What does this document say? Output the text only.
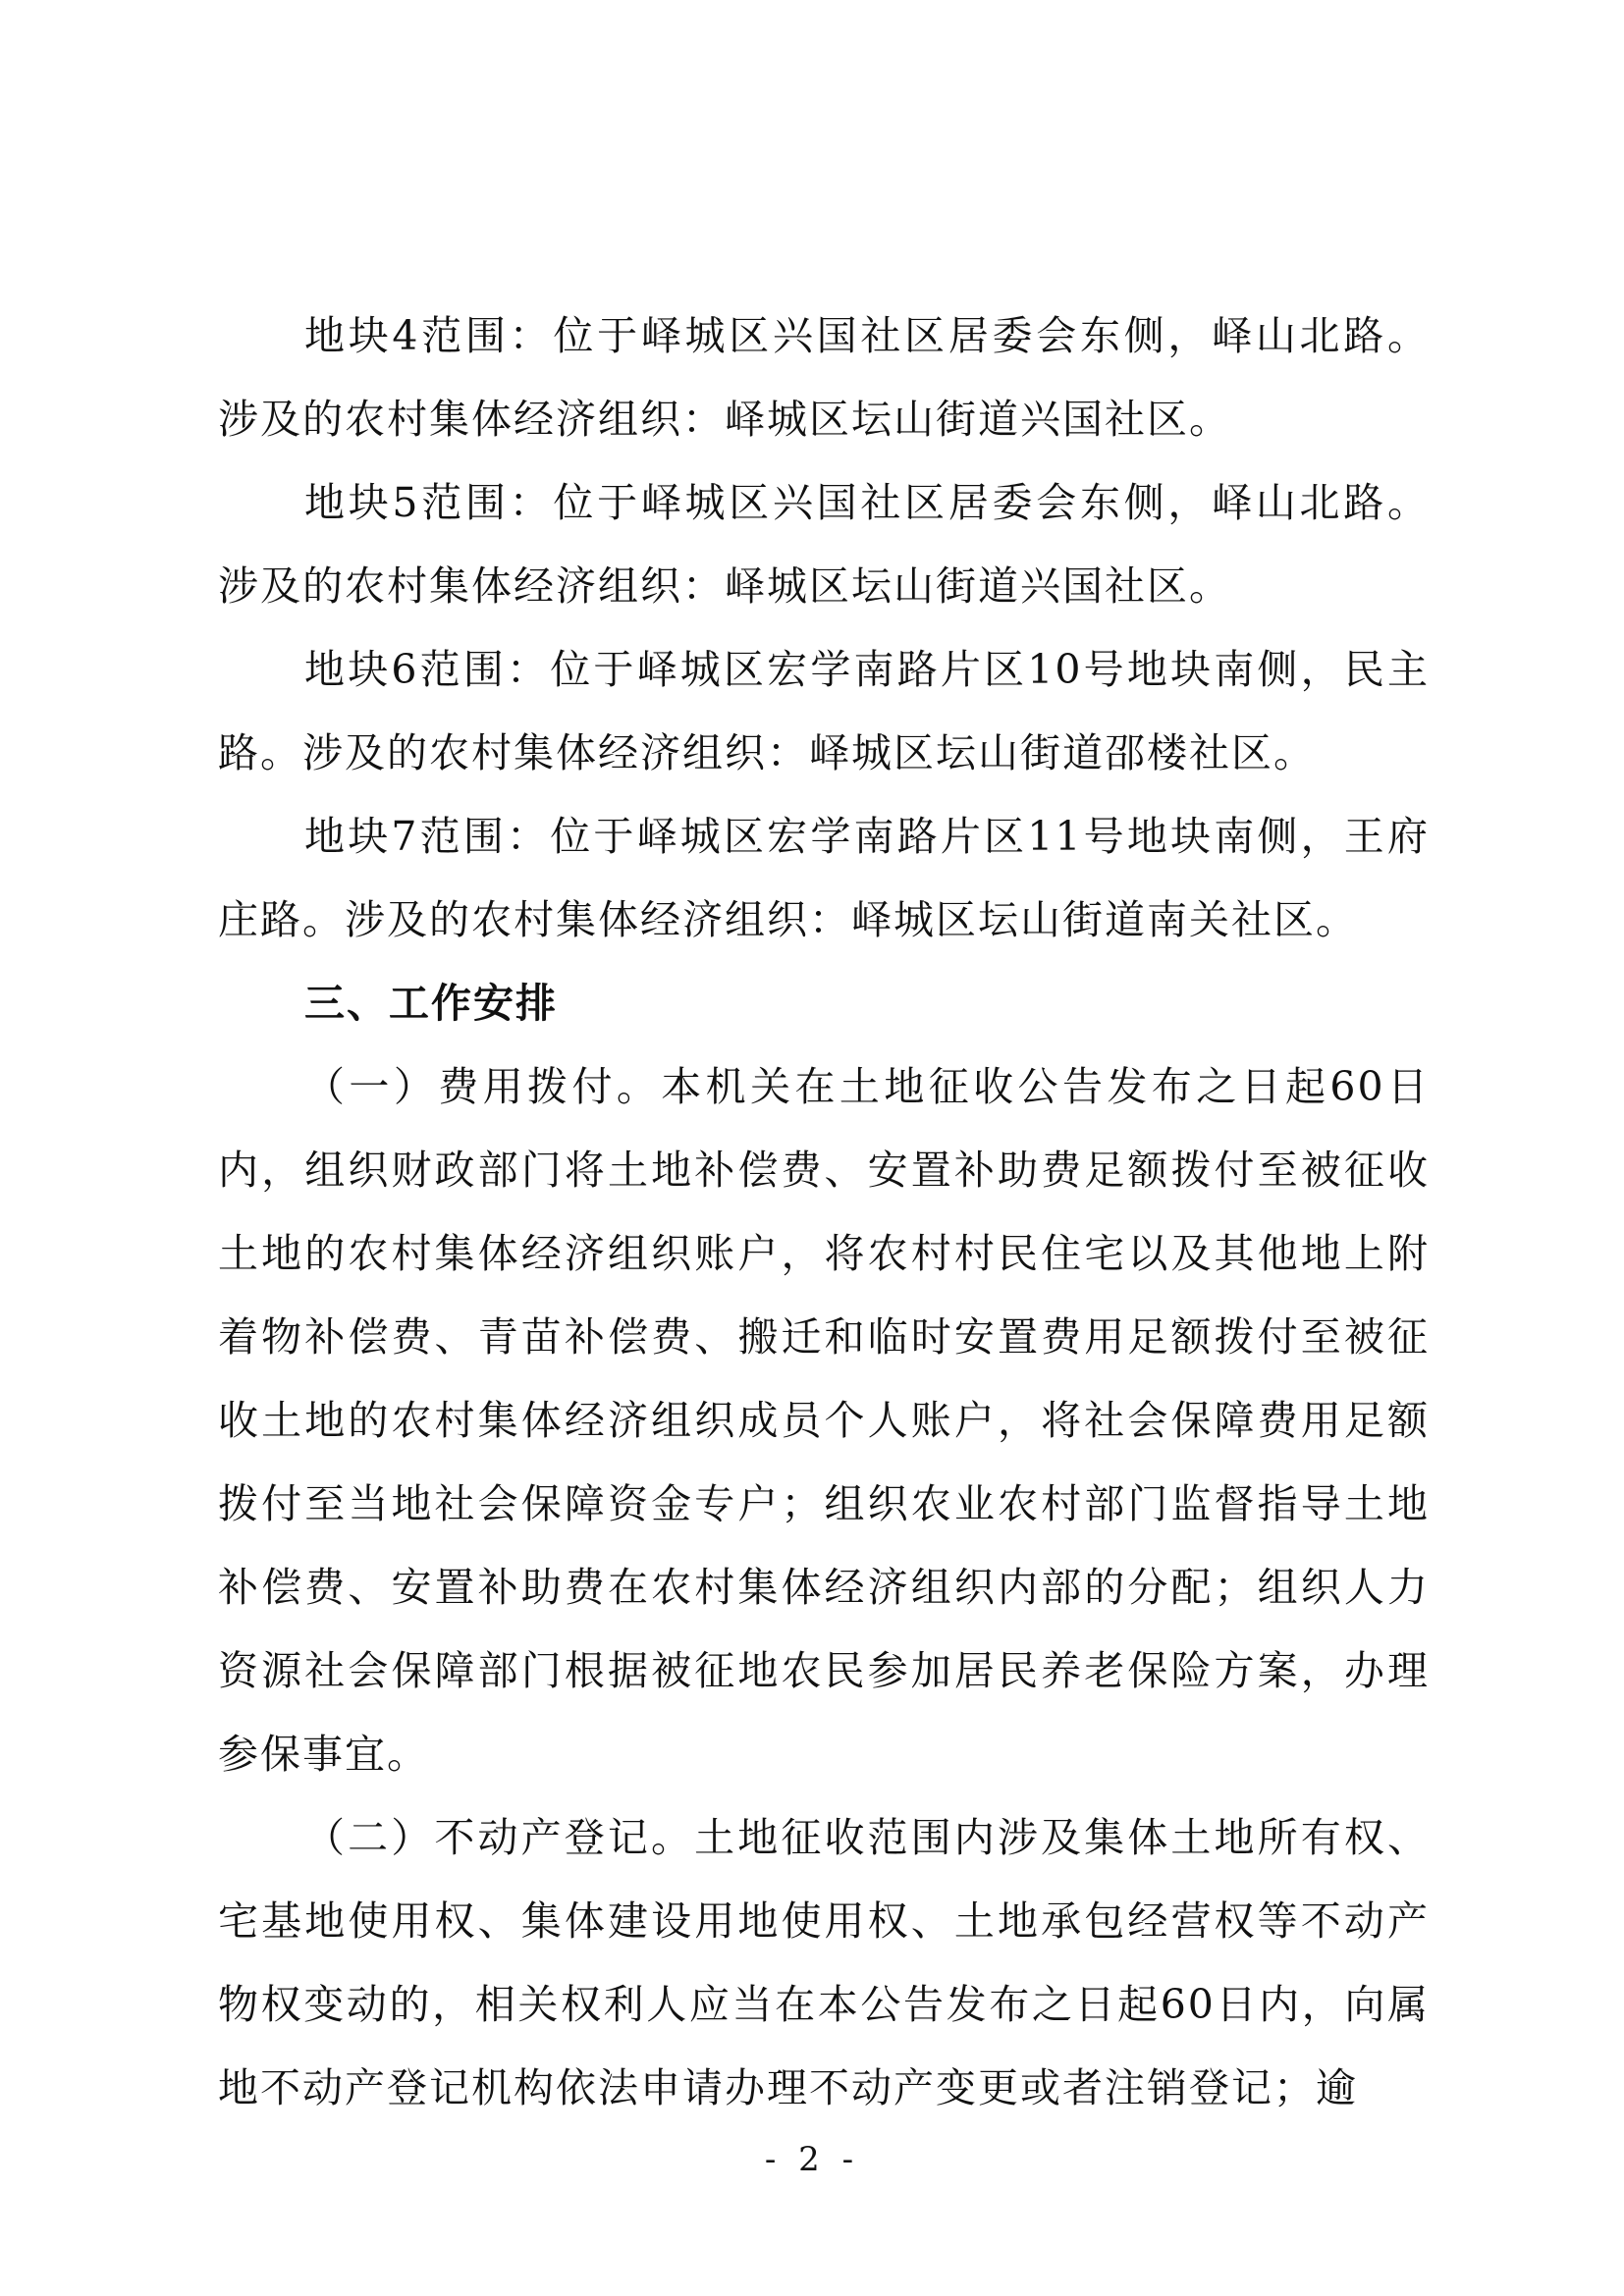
地块4范围：位于峄城区兴国社区居委会东侧，峄山北路。涉及的农村集体经济组织：峄城区坛山街道兴国社区。

地块5范围：位于峄城区兴国社区居委会东侧，峄山北路。涉及的农村集体经济组织：峄城区坛山街道兴国社区。

地块6范围：位于峄城区宏学南路片区10号地块南侧，民主路。涉及的农村集体经济组织：峄城区坛山街道邵楼社区。

地块7范围：位于峄城区宏学南路片区11号地块南侧，王府庄路。涉及的农村集体经济组织：峄城区坛山街道南关社区。

三、工作安排

（一）费用拨付。本机关在土地征收公告发布之日起60日内，组织财政部门将土地补偿费、安置补助费足额拨付至被征收土地的农村集体经济组织账户，将农村村民住宅以及其他地上附着物补偿费、青苗补偿费、搬迁和临时安置费用足额拨付至被征收土地的农村集体经济组织成员个人账户，将社会保障费用足额拨付至当地社会保障资金专户；组织农业农村部门监督指导土地补偿费、安置补助费在农村集体经济组织内部的分配；组织人力资源社会保障部门根据被征地农民参加居民养老保险方案，办理参保事宜。

（二）不动产登记。土地征收范围内涉及集体土地所有权、宅基地使用权、集体建设用地使用权、土地承包经营权等不动产物权变动的，相关权利人应当在本公告发布之日起60日内，向属地不动产登记机构依法申请办理不动产变更或者注销登记；逾

- 2 -
